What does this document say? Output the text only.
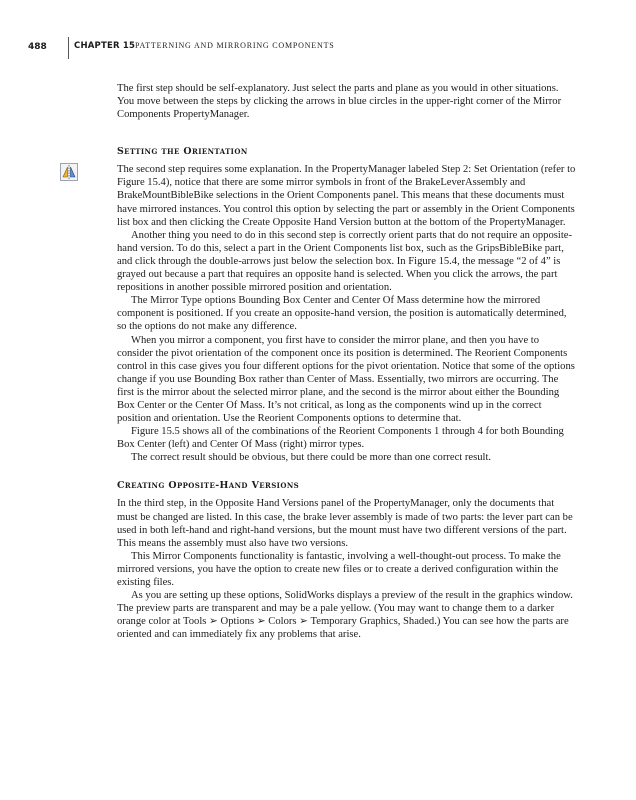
488	CHAPTER 15 PATTERNING AND MIRRORING COMPONENTS

The first step should be self-explanatory. Just select the parts and plane as you would in other situations. You move between the steps by clicking the arrows in blue circles in the upper-right corner of the Mirror Components PropertyManager.

Setting the Orientation

The second step requires some explanation. In the PropertyManager labeled Step 2: Set Orientation (refer to Figure 15.4), notice that there are some mirror symbols in front of the BrakeLeverAssembly and BrakeMountBibleBike selections in the Orient Components panel. This means that these documents must have mirrored instances. You control this option by selecting the part or assembly in the Orient Components list box and then clicking the Create Opposite Hand Version button at the bottom of the PropertyManager.

Another thing you need to do in this second step is correctly orient parts that do not require an opposite-hand version. To do this, select a part in the Orient Components list box, such as the GripsBibleBike part, and click through the double-arrows just below the selection box. In Figure 15.4, the message “2 of 4” is grayed out because a part that requires an opposite hand is selected. When you click the arrows, the part repositions in another possible mirrored position and orientation.

The Mirror Type options Bounding Box Center and Center Of Mass determine how the mirrored component is positioned. If you create an opposite-hand version, the position is automatically determined, so the options do not make any difference.

When you mirror a component, you first have to consider the mirror plane, and then you have to consider the pivot orientation of the component once its position is determined. The Reorient Components control in this case gives you four different options for the pivot orientation. Notice that some of the options change if you use Bounding Box rather than Center of Mass. Essentially, two mirrors are occurring. The first is the mirror about the selected mirror plane, and the second is the mirror about either the Bounding Box Center or the Center Of Mass. It’s not critical, as long as the components wind up in the correct position and orientation. Use the Reorient Components options to determine that.

Figure 15.5 shows all of the combinations of the Reorient Components 1 through 4 for both Bounding Box Center (left) and Center Of Mass (right) mirror types.

The correct result should be obvious, but there could be more than one correct result.

Creating Opposite-Hand Versions

In the third step, in the Opposite Hand Versions panel of the PropertyManager, only the documents that must be changed are listed. In this case, the brake lever assembly is made of two parts: the lever part can be used in both left-hand and right-hand versions, but the mount must have two different versions of the part. This means the assembly must also have two versions.

This Mirror Components functionality is fantastic, involving a well-thought-out process. To make the mirrored versions, you have the option to create new files or to create a derived configuration within the existing files.

As you are setting up these options, SolidWorks displays a preview of the result in the graphics window. The preview parts are transparent and may be a pale yellow. (You may want to change them to a darker orange color at Tools ➢ Options ➢ Colors ➢ Temporary Graphics, Shaded.) You can see how the parts are oriented and can immediately fix any problems that arise.
